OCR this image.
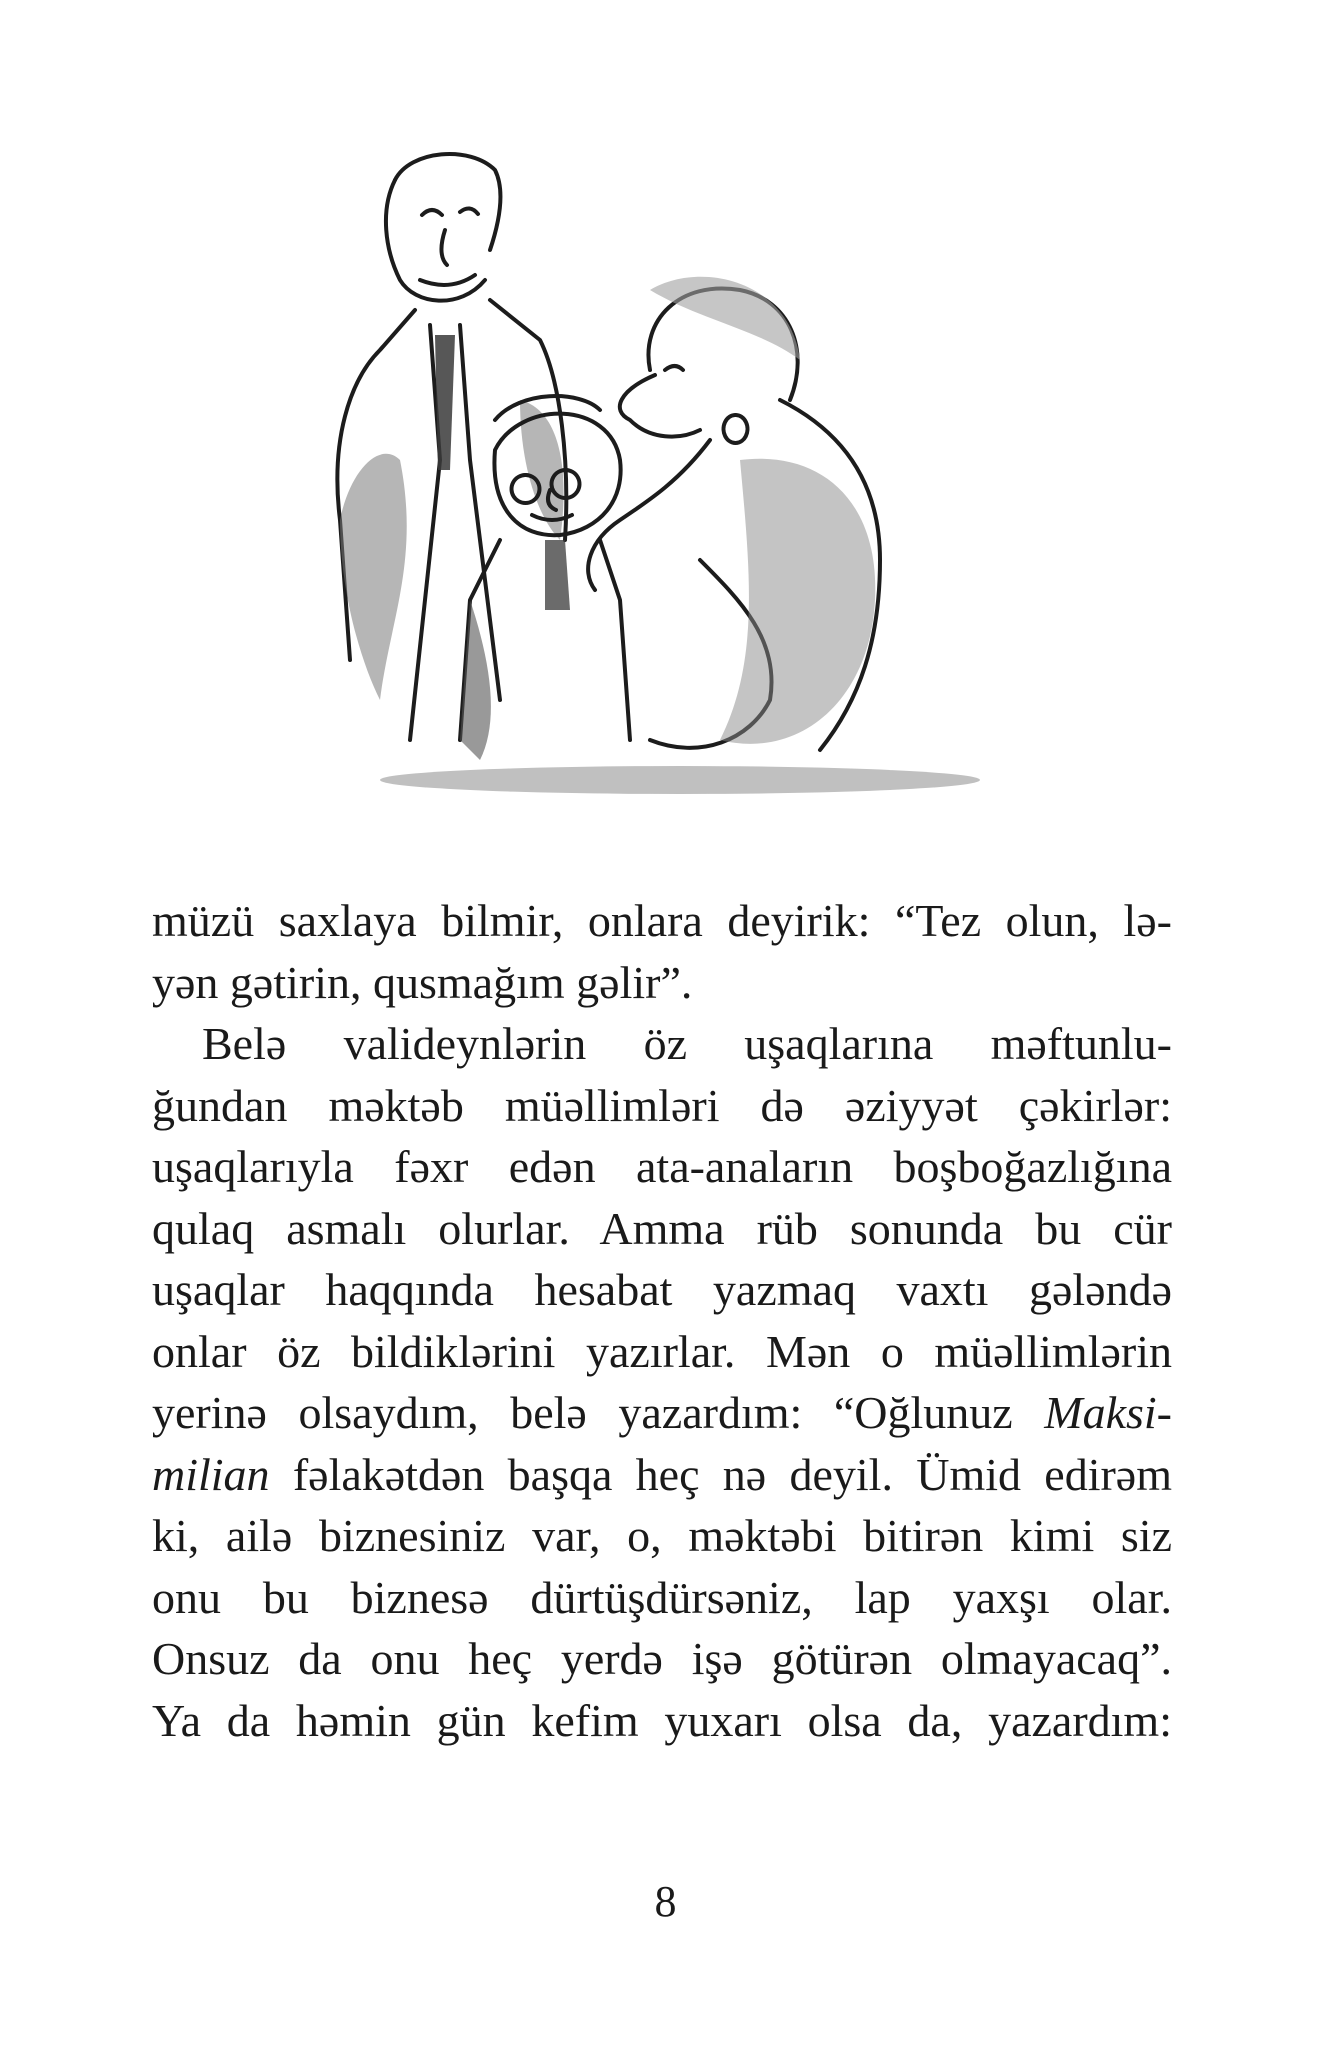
müzü saxlaya bilmir, onlara deyirik: “Tez olun, lə-
yən gətirin, qusmağım gəlir”.
Belə valideynlərin öz uşaqlarına məftunlu-
ğundan məktəb müəllimləri də əziyyət çəkirlər:
uşaqlarıyla fəxr edən ata-anaların boşboğazlığına
qulaq asmalı olurlar. Amma rüb sonunda bu cür
uşaqlar haqqında hesabat yazmaq vaxtı gələndə
onlar öz bildiklərini yazırlar. Mən o müəllimlərin
yerinə olsaydım, belə yazardım: “Oğlunuz Maksi-
milian fəlakətdən başqa heç nə deyil. Ümid edirəm
ki, ailə biznesiniz var, o, məktəbi bitirən kimi siz
onu bu biznesə dürtüşdürsəniz, lap yaxşı olar.
Onsuz da onu heç yerdə işə götürən olmayacaq”.
Ya da həmin gün kefim yuxarı olsa da, yazardım:
8
